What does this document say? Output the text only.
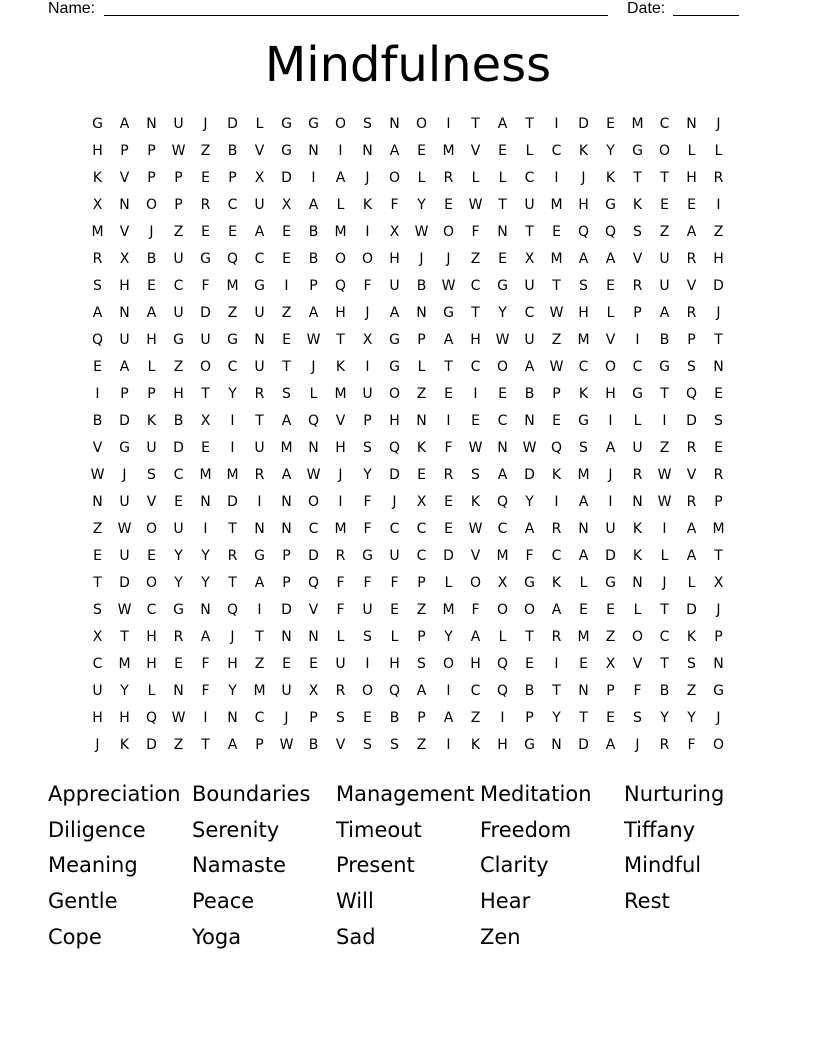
Name:	Date:
Mindfulness
G	A	N	U	J	D	L	G	G	O	S	N	O	I	T	A	T	I	D	E	M	C	N	J
H	P	P	W	Z	B	V	G	N	I	N	A	E	M	V	E	L	C	K	Y	G	O	L	L
K	V	P	P	E	P	X	D	I	A	J	O	L	R	L	L	C	I	J	K	T	T	H	R
X	N	O	P	R	C	U	X	A	L	K	F	Y	E	W	T	U	M	H	G	K	E	E	I
M	V	J	Z	E	E	A	E	B	M	I	X	W	O	F	N	T	E	Q	Q	S	Z	A	Z
R	X	B	U	G	Q	C	E	B	O	O	H	J	J	Z	E	X	M	A	A	V	U	R	H
S	H	E	C	F	M	G	I	P	Q	F	U	B	W	C	G	U	T	S	E	R	U	V	D
A	N	A	U	D	Z	U	Z	A	H	J	A	N	G	T	Y	C	W	H	L	P	A	R	J
Q	U	H	G	U	G	N	E	W	T	X	G	P	A	H	W	U	Z	M	V	I	B	P	T
E	A	L	Z	O	C	U	T	J	K	I	G	L	T	C	O	A	W	C	O	C	G	S	N
I	P	P	H	T	Y	R	S	L	M	U	O	Z	E	I	E	B	P	K	H	G	T	Q	E
B	D	K	B	X	I	T	A	Q	V	P	H	N	I	E	C	N	E	G	I	L	I	D	S
V	G	U	D	E	I	U	M	N	H	S	Q	K	F	W	N	W	Q	S	A	U	Z	R	E
W	J	S	C	M	M	R	A	W	J	Y	D	E	R	S	A	D	K	M	J	R	W	V	R
N	U	V	E	N	D	I	N	O	I	F	J	X	E	K	Q	Y	I	A	I	N	W	R	P
Z	W	O	U	I	T	N	N	C	M	F	C	C	E	W	C	A	R	N	U	K	I	A	M
E	U	E	Y	Y	R	G	P	D	R	G	U	C	D	V	M	F	C	A	D	K	L	A	T
T	D	O	Y	Y	T	A	P	Q	F	F	F	P	L	O	X	G	K	L	G	N	J	L	X
S	W	C	G	N	Q	I	D	V	F	U	E	Z	M	F	O	O	A	E	E	L	T	D	J
X	T	H	R	A	J	T	N	N	L	S	L	P	Y	A	L	T	R	M	Z	O	C	K	P
C	M	H	E	F	H	Z	E	E	U	I	H	S	O	H	Q	E	I	E	X	V	T	S	N
U	Y	L	N	F	Y	M	U	X	R	O	Q	A	I	C	Q	B	T	N	P	F	B	Z	G
H	H	Q	W	I	N	C	J	P	S	E	B	P	A	Z	I	P	Y	T	E	S	Y	Y	J
J	K	D	Z	T	A	P	W	B	V	S	S	Z	I	K	H	G	N	D	A	J	R	F	O
Appreciation Boundaries	Management Meditation	Nurturing
Diligence	Serenity	Timeout	Freedom	Tiffany
Meaning	Namaste	Present	Clarity	Mindful
Gentle	Peace	Will	Hear	Rest
Cope	Yoga	Sad	Zen
